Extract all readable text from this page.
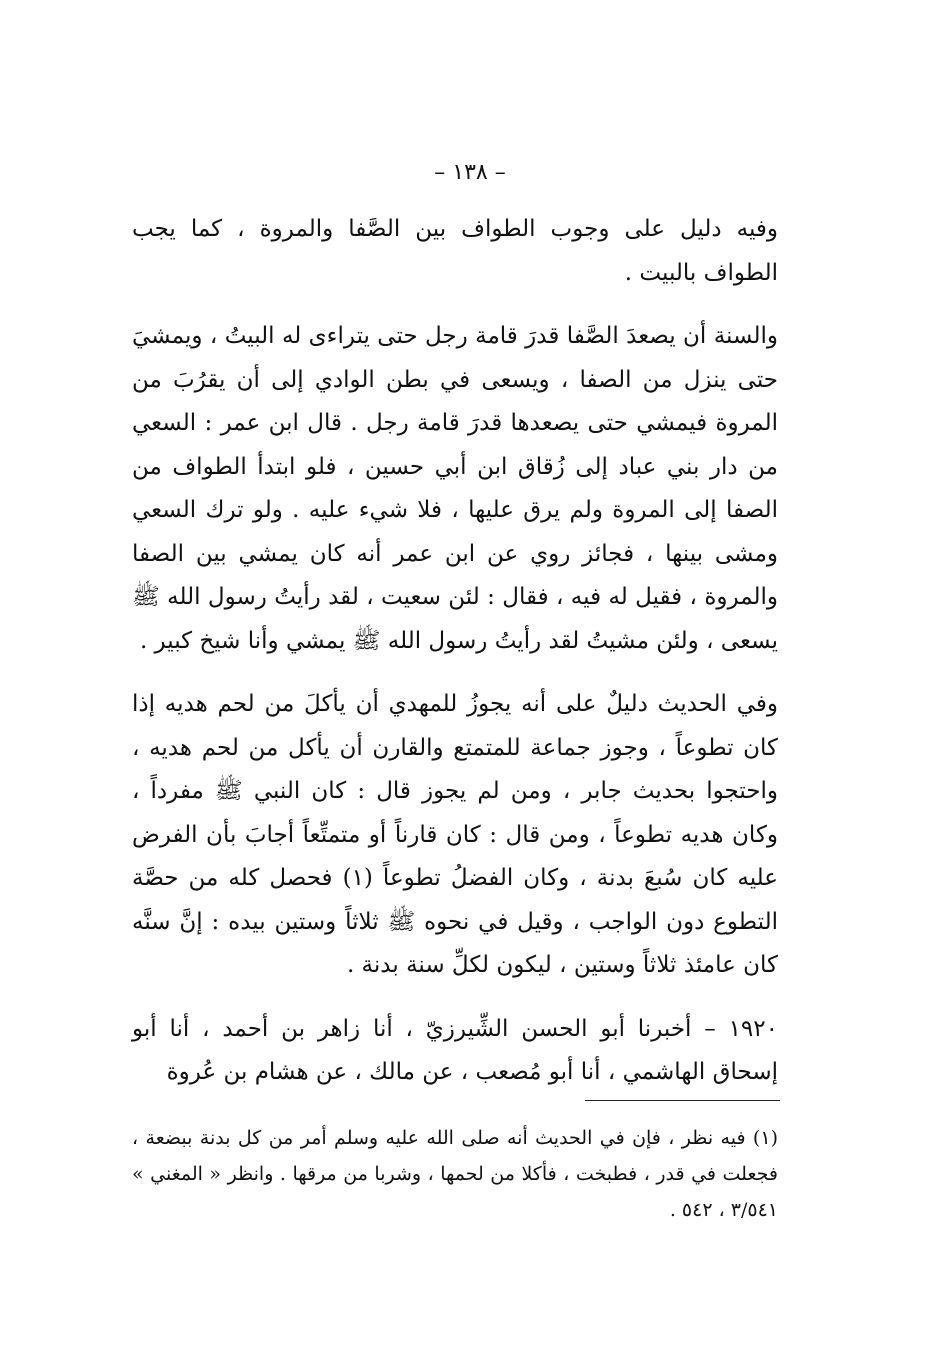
– ١٣٨ –

وفيه دليل على وجوب الطواف بين الصَّفا والمروة ، كما يجب الطواف بالبيت .

والسنة أن يصعدَ الصَّفا قدرَ قامة رجل حتى يتراءى له البيتُ ، ويمشيَ حتى ينزل من الصفا ، ويسعى في بطن الوادي إلى أن يقرُبَ من المروة فيمشي حتى يصعدها قدرَ قامة رجل . قال ابن عمر : السعي من دار بني عباد إلى زُقاق ابن أبي حسين ، فلو ابتدأ الطواف من الصفا إلى المروة ولم يرق عليها ، فلا شيء عليه . ولو ترك السعي ومشى بينها ، فجائز روي عن ابن عمر أنه كان يمشي بين الصفا والمروة ، فقيل له فيه ، فقال : لئن سعيت ، لقد رأيتُ رسول الله ﷺ يسعى ، ولئن مشيتُ لقد رأيتُ رسول الله ﷺ يمشي وأنا شيخ كبير .

وفي الحديث دليلٌ على أنه يجوزُ للمهدي أن يأكلَ من لحم هديه إذا كان تطوعاً ، وجوز جماعة للمتمتع والقارن أن يأكل من لحم هديه ، واحتجوا بحديث جابر ، ومن لم يجوز قال : كان النبي ﷺ مفرداً ، وكان هديه تطوعاً ، ومن قال : كان قارناً أو متمتِّعاً أجابَ بأن الفرض عليه كان سُبعَ بدنة ، وكان الفضلُ تطوعاً (١) فحصل كله من حصَّة التطوع دون الواجب ، وقيل في نحوه ﷺ ثلاثاً وستين بيده : إنَّ سنَّه كان عامئذ ثلاثاً وستين ، ليكون لكلِّ سنة بدنة .

١٩٢٠ – أخبرنا أبو الحسن الشِّيرزيّ ، أنا زاهر بن أحمد ، أنا أبو إسحاق الهاشمي ، أنا أبو مُصعب ، عن مالك ، عن هشام بن عُروة

(١) فيه نظر ، فإن في الحديث أنه صلى الله عليه وسلم أمر من كل بدنة ببضعة ، فجعلت في قدر ، فطبخت ، فأكلا من لحمها ، وشربا من مرقها . وانظر « المغني » ٣/٥٤١ ، ٥٤٢ .
